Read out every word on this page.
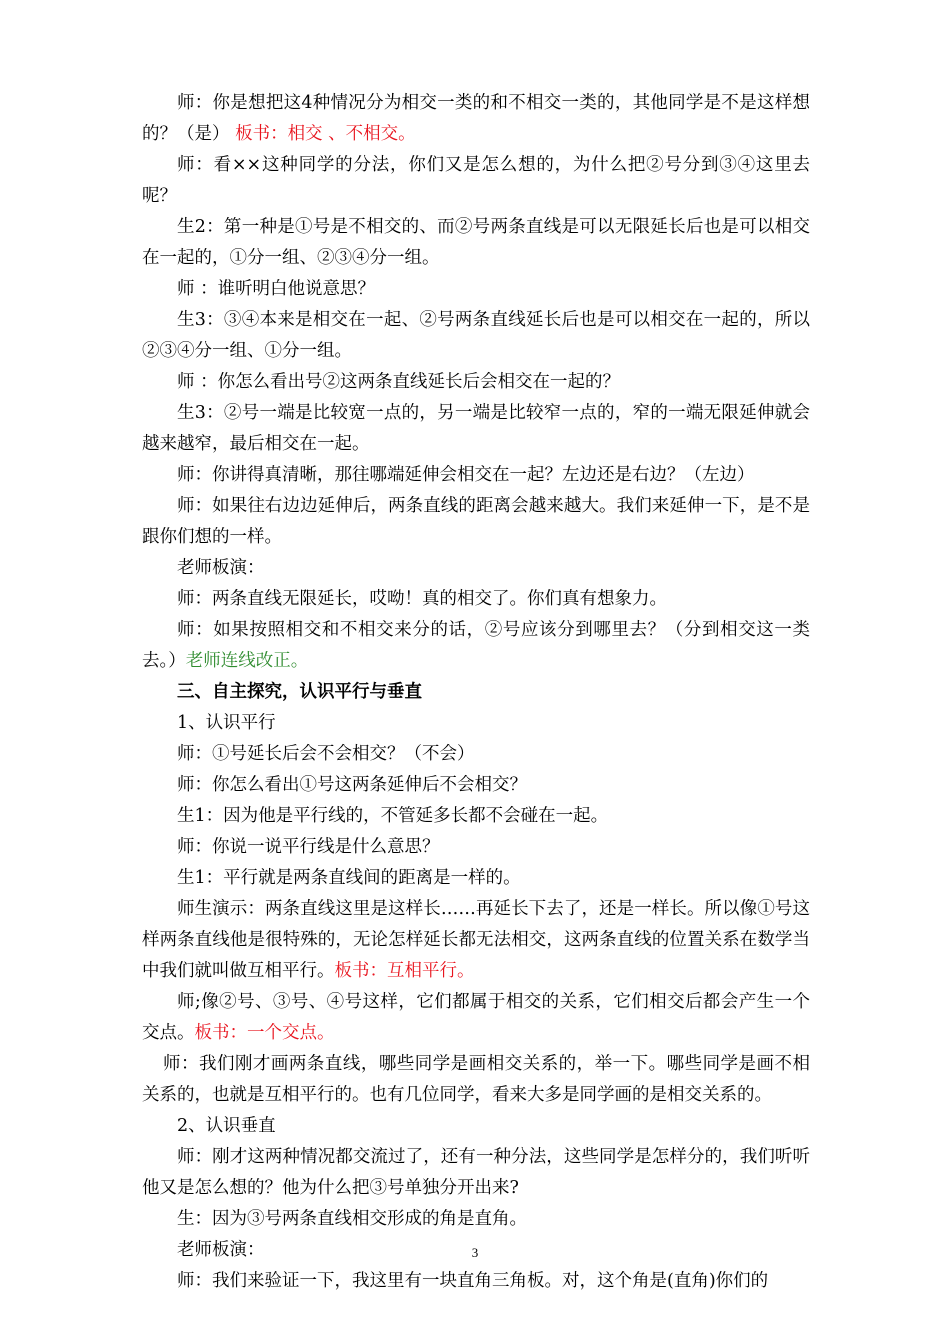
师：你是想把这4种情况分为相交一类的和不相交一类的，其他同学是不是这样想的？（是） 板书：相交 、不相交。

师：看××这种同学的分法，你们又是怎么想的，为什么把②号分到③④这里去呢？

生2：第一种是①号是不相交的、而②号两条直线是可以无限延长后也是可以相交在一起的，①分一组、②③④分一组。

师 ：谁听明白他说意思？

生3：③④本来是相交在一起、②号两条直线延长后也是可以相交在一起的，所以②③④分一组、①分一组。

师 ：你怎么看出号②这两条直线延长后会相交在一起的？

生3：②号一端是比较宽一点的，另一端是比较窄一点的，窄的一端无限延伸就会越来越窄，最后相交在一起。

师：你讲得真清晰，那往哪端延伸会相交在一起？左边还是右边？（左边）

师：如果往右边边延伸后，两条直线的距离会越来越大。我们来延伸一下，是不是跟你们想的一样。

老师板演：

师：两条直线无限延长，哎呦！真的相交了。你们真有想象力。

师：如果按照相交和不相交来分的话，②号应该分到哪里去？（分到相交这一类去。）老师连线改正。

三、自主探究，认识平行与垂直

1、认识平行

师：①号延长后会不会相交？（不会）

师：你怎么看出①号这两条延伸后不会相交？

生1：因为他是平行线的，不管延多长都不会碰在一起。

师：你说一说平行线是什么意思？

生1：平行就是两条直线间的距离是一样的。

师生演示：两条直线这里是这样长……再延长下去了，还是一样长。所以像①号这样两条直线他是很特殊的，无论怎样延长都无法相交，这两条直线的位置关系在数学当中我们就叫做互相平行。板书：互相平行。

师;像②号、③号、④号这样，它们都属于相交的关系，它们相交后都会产生一个交点。板书：一个交点。

师：我们刚才画两条直线，哪些同学是画相交关系的，举一下。哪些同学是画不相关系的，也就是互相平行的。也有几位同学，看来大多是同学画的是相交关系的。

2、认识垂直

师：刚才这两种情况都交流过了，还有一种分法，这些同学是怎样分的，我们听听他又是怎么想的？他为什么把③号单独分开出来?

生：因为③号两条直线相交形成的角是直角。

老师板演：

师：我们来验证一下，我这里有一块直角三角板。对，这个角是(直角)你们的

3
